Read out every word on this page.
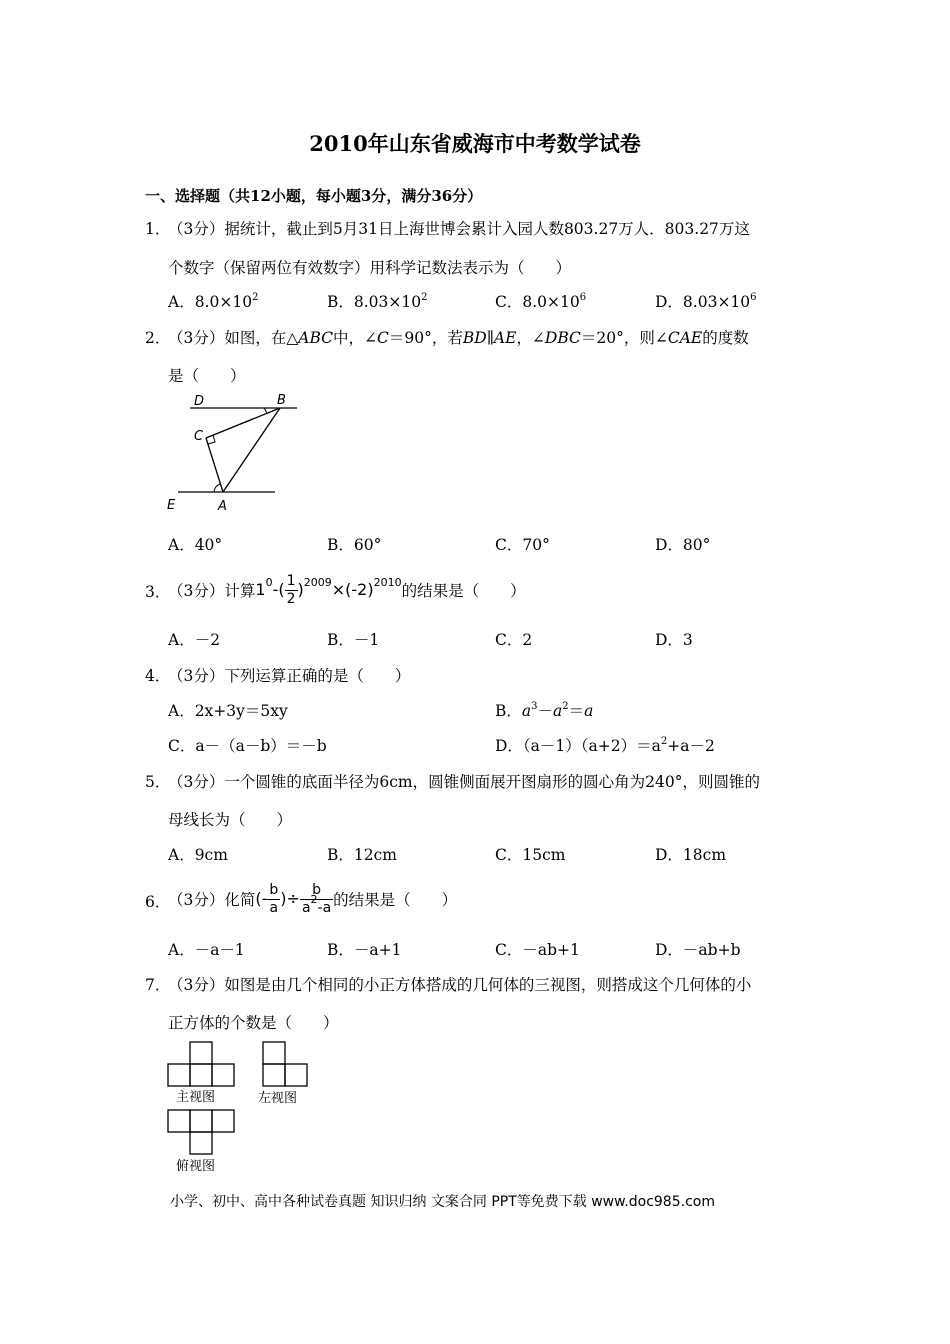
2010年山东省威海市中考数学试卷
一、选择题（共12小题，每小题3分，满分36分）
1．
（3分）据统计，截止到5月31日上海世博会累计入园人数803.27万人．803.27万这
个数字（保留两位有效数字）用科学记数法表示为（　　）
A．$8.0\times 10^2$	B．$8.03\times 10^2$	C．$8.0\times 10^6$	D．$8.03\times 10^6$
2．
（3分）如图，在△ABC中，∠C＝90°，若BD∥AE，∠DBC＝20°，则∠CAE的度数
是（　　）
D	B
C
E	A
A．40°	B．60°	C．70°	D．80°
3．
（3分）计算 $1^0-( \frac{1}{2} )^{2009}\times(-2)^{2010}$ 的结果是（　　）
A．－2	B．－1	C．2	D．3
4．
（3分）下列运算正确的是（　　）
A．2x+3y＝5xy	B．$a^3-a^2=a$
C．a－（a－b）＝－b	D．$(a-1)(a+2)=a^2+a-2$
5．
（3分）一个圆锥的底面半径为6cm，圆锥侧面展开图扇形的圆心角为240°，则圆锥的
母线长为（　　）
A．9cm	B．12cm	C．15cm	D．18cm
6．
（3分）化简 (- $\frac{b}{a}$ )÷ $\frac{b}{a^2-a}$ 的结果是（　　）
A．－a－1	B．－a+1	C．－ab+1	D．－ab+b
7．
（3分）如图是由几个相同的小正方体搭成的几何体的三视图，则搭成这个几何体的小
正方体的个数是（　　）
主视图	左视图
俯视图
小学、初中、高中各种试卷真题 知识归纳 文案合同 PPT等免费下载 www.doc985.com
